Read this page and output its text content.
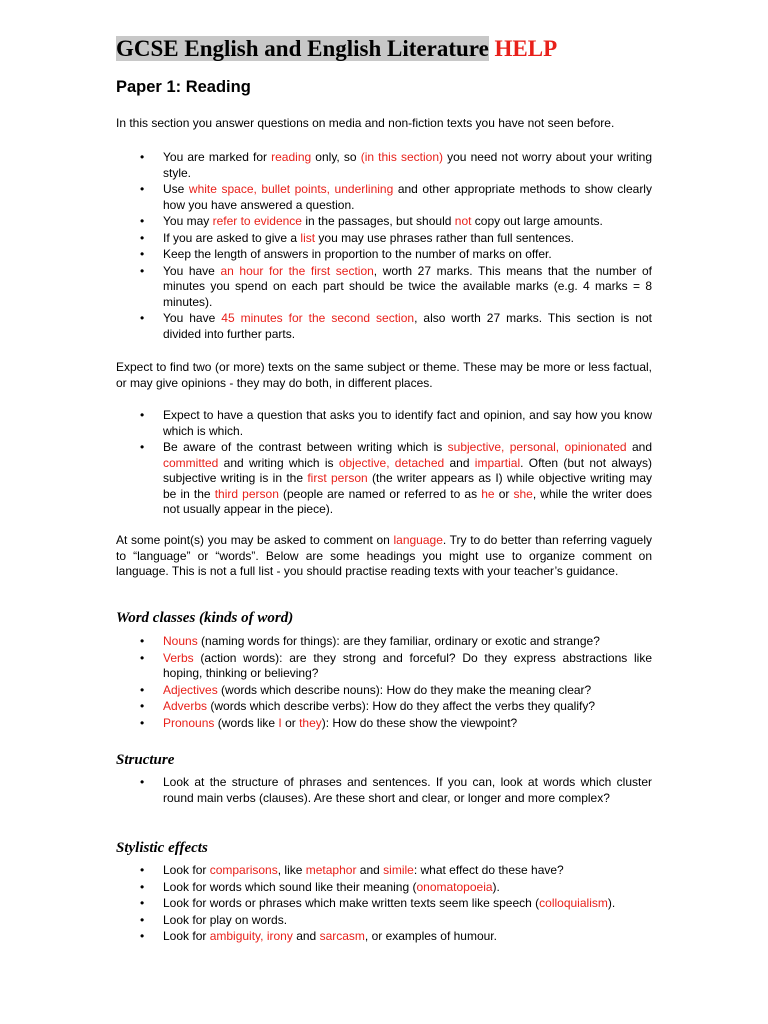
GCSE English and English Literature HELP
Paper 1: Reading
In this section you answer questions on media and non-fiction texts you have not seen before.
• You are marked for reading only, so (in this section) you need not worry about your writing style.
• Use white space, bullet points, underlining and other appropriate methods to show clearly how you have answered a question.
• You may refer to evidence in the passages, but should not copy out large amounts.
• If you are asked to give a list you may use phrases rather than full sentences.
• Keep the length of answers in proportion to the number of marks on offer.
• You have an hour for the first section, worth 27 marks. This means that the number of minutes you spend on each part should be twice the available marks (e.g. 4 marks = 8 minutes).
• You have 45 minutes for the second section, also worth 27 marks. This section is not divided into further parts.
Expect to find two (or more) texts on the same subject or theme. These may be more or less factual, or may give opinions - they may do both, in different places.
• Expect to have a question that asks you to identify fact and opinion, and say how you know which is which.
• Be aware of the contrast between writing which is subjective, personal, opinionated and committed and writing which is objective, detached and impartial. Often (but not always) subjective writing is in the first person (the writer appears as I) while objective writing may be in the third person (people are named or referred to as he or she, while the writer does not usually appear in the piece).
At some point(s) you may be asked to comment on language. Try to do better than referring vaguely to “language” or “words”. Below are some headings you might use to organize comment on language. This is not a full list - you should practise reading texts with your teacher’s guidance.
Word classes (kinds of word)
• Nouns (naming words for things): are they familiar, ordinary or exotic and strange?
• Verbs (action words): are they strong and forceful? Do they express abstractions like hoping, thinking or believing?
• Adjectives (words which describe nouns): How do they make the meaning clear?
• Adverbs (words which describe verbs): How do they affect the verbs they qualify?
• Pronouns (words like I or they): How do these show the viewpoint?
Structure
• Look at the structure of phrases and sentences. If you can, look at words which cluster round main verbs (clauses). Are these short and clear, or longer and more complex?
Stylistic effects
• Look for comparisons, like metaphor and simile: what effect do these have?
• Look for words which sound like their meaning (onomatopoeia).
• Look for words or phrases which make written texts seem like speech (colloquialism).
• Look for play on words.
• Look for ambiguity, irony and sarcasm, or examples of humour.
